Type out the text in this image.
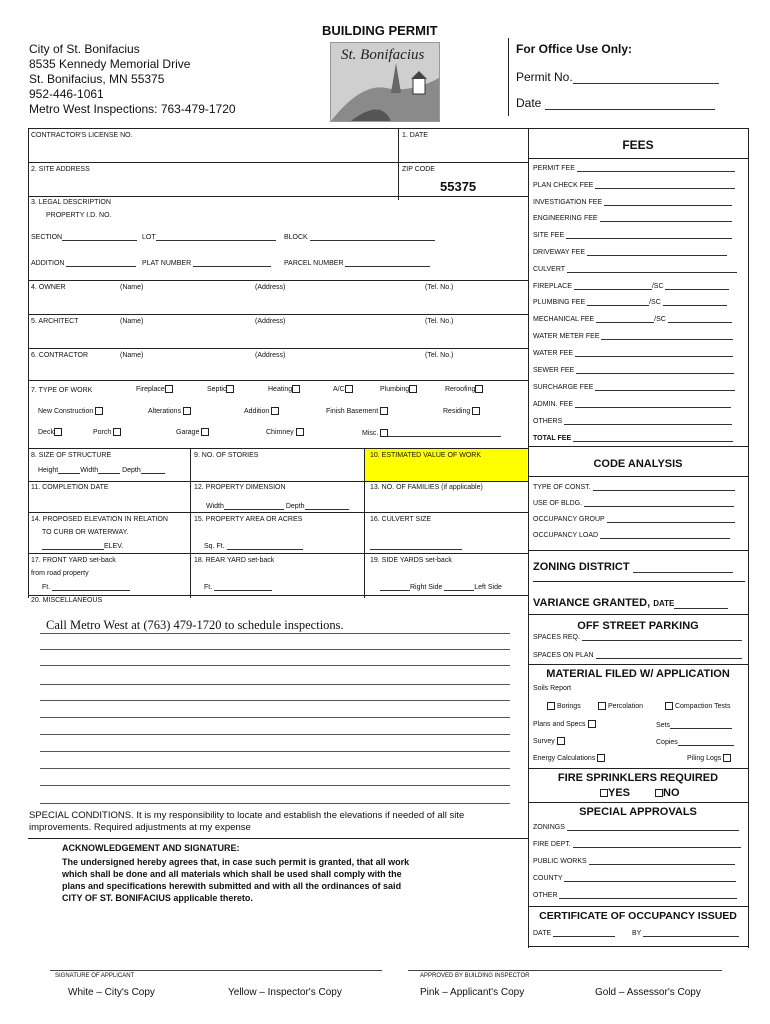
BUILDING PERMIT
City of St. Bonifacius
8535 Kennedy Memorial Drive
St. Bonifacius, MN 55375
952-446-1061
Metro West Inspections: 763-479-1720
St. Bonifacius	For Office Use Only:
Permit No.
Date
CONTRACTOR'S LICENSE NO.	1. DATE
2. SITE ADDRESS	ZIP CODE
55375
3. LEGAL DESCRIPTION
PROPERTY I.D. NO.
SECTION	LOT	BLOCK
ADDITION	PLAT NUMBER	PARCEL NUMBER
4. OWNER	(Name)	(Address)	(Tel. No.)
5. ARCHITECT	(Name)	(Address)	(Tel. No.)
6. CONTRACTOR	(Name)	(Address)	(Tel. No.)
7. TYPE OF WORK	Fireplace	Septic	Heating	A/C	Plumbing	Reroofing
New Construction	Alterations	Addition	Finish Basement	Residing
Deck	Porch	Garage	Chimney	Misc.
8. SIZE OF STRUCTURE
Height	Width	Depth
9. NO. OF STORIES	10. ESTIMATED VALUE OF WORK
11. COMPLETION DATE	12. PROPERTY DIMENSION
Width	Depth
13. NO. OF FAMILIES (if applicable)
14. PROPOSED ELEVATION IN RELATION
TO CURB OR WATERWAY.
ELEV.
15. PROPERTY AREA OR ACRES
Sq. Ft.
16. CULVERT SIZE
17. FRONT YARD set-back
from road property
Ft.
18. REAR YARD set-back
Ft.
19. SIDE YARDS set-back
Right Side	Left Side
20. MISCELLANEOUS
Call Metro West at (763) 479-1720 to schedule inspections.
SPECIAL CONDITIONS. It is my responsibility to locate and establish the elevations if needed of all site improvements. Required adjustments at my expense
ACKNOWLEDGEMENT AND SIGNATURE:
The undersigned hereby agrees that, in case such permit is granted, that all work which shall be done and all materials which shall be used shall comply with the plans and specifications herewith submitted and with all the ordinances of said CITY OF ST. BONIFACIUS applicable thereto.
FEES
PERMIT FEE
PLAN CHECK FEE
INVESTIGATION FEE
ENGINEERING FEE
SITE FEE
DRIVEWAY FEE
CULVERT
FIREPLACE	/SC
PLUMBING FEE	/SC
MECHANICAL FEE	/SC
WATER METER FEE
WATER FEE
SEWER FEE
SURCHARGE FEE
ADMIN. FEE
OTHERS
TOTAL FEE
CODE ANALYSIS
TYPE OF CONST.
USE OF BLDG.
OCCUPANCY GROUP
OCCUPANCY LOAD
ZONING DISTRICT
VARIANCE GRANTED, DATE
OFF STREET PARKING
SPACES REQ.
SPACES ON PLAN
MATERIAL FILED W/ APPLICATION
Soils Report
Borings	Percolation	Compaction Tests
Plans and Specs	Sets
Survey	Copies
Energy Calculations	Piling Logs
FIRE SPRINKLERS REQUIRED
YES	NO
SPECIAL APPROVALS
ZONINGS
FIRE DEPT.
PUBLIC WORKS
COUNTY
OTHER
CERTIFICATE OF OCCUPANCY ISSUED
DATE	BY
SIGNATURE OF APPLICANT	APPROVED BY BUILDING INSPECTOR
White – City's Copy	Yellow – Inspector's Copy	Pink – Applicant's Copy	Gold – Assessor's Copy
